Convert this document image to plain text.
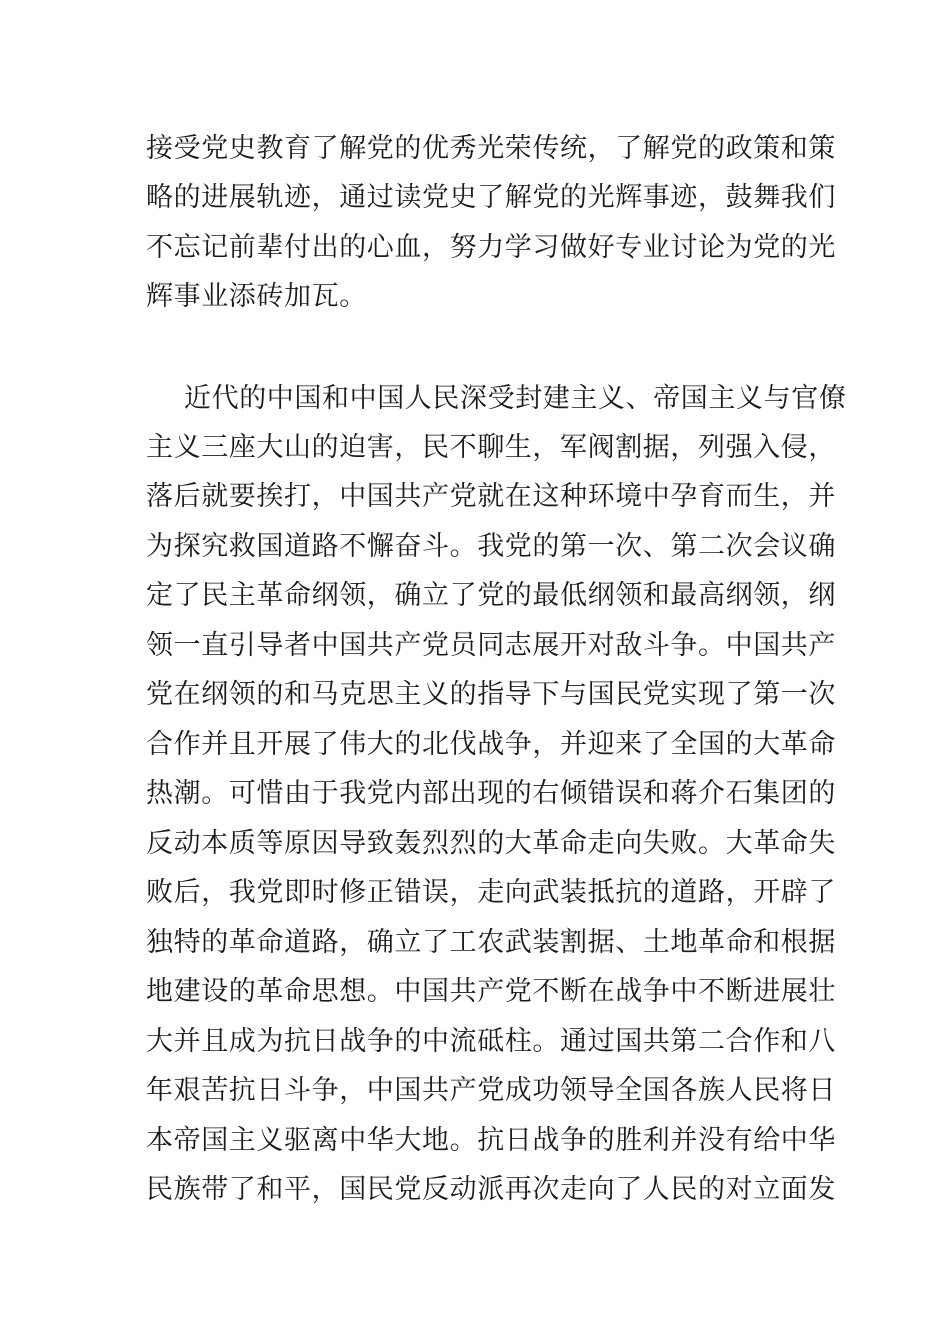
接受党史教育了解党的优秀光荣传统，了解党的政策和策
略的进展轨迹，通过读党史了解党的光辉事迹，鼓舞我们
不忘记前辈付出的心血，努力学习做好专业讨论为党的光
辉事业添砖加瓦。
近代的中国和中国人民深受封建主义、帝国主义与官僚
主义三座大山的迫害，民不聊生，军阀割据，列强入侵，
落后就要挨打，中国共产党就在这种环境中孕育而生，并
为探究救国道路不懈奋斗。我党的第一次、第二次会议确
定了民主革命纲领，确立了党的最低纲领和最高纲领，纲
领一直引导者中国共产党员同志展开对敌斗争。中国共产
党在纲领的和马克思主义的指导下与国民党实现了第一次
合作并且开展了伟大的北伐战争，并迎来了全国的大革命
热潮。可惜由于我党内部出现的右倾错误和蒋介石集团的
反动本质等原因导致轰烈烈的大革命走向失败。大革命失
败后，我党即时修正错误，走向武装抵抗的道路，开辟了
独特的革命道路，确立了工农武装割据、土地革命和根据
地建设的革命思想。中国共产党不断在战争中不断进展壮
大并且成为抗日战争的中流砥柱。通过国共第二合作和八
年艰苦抗日斗争，中国共产党成功领导全国各族人民将日
本帝国主义驱离中华大地。抗日战争的胜利并没有给中华
民族带了和平，国民党反动派再次走向了人民的对立面发
